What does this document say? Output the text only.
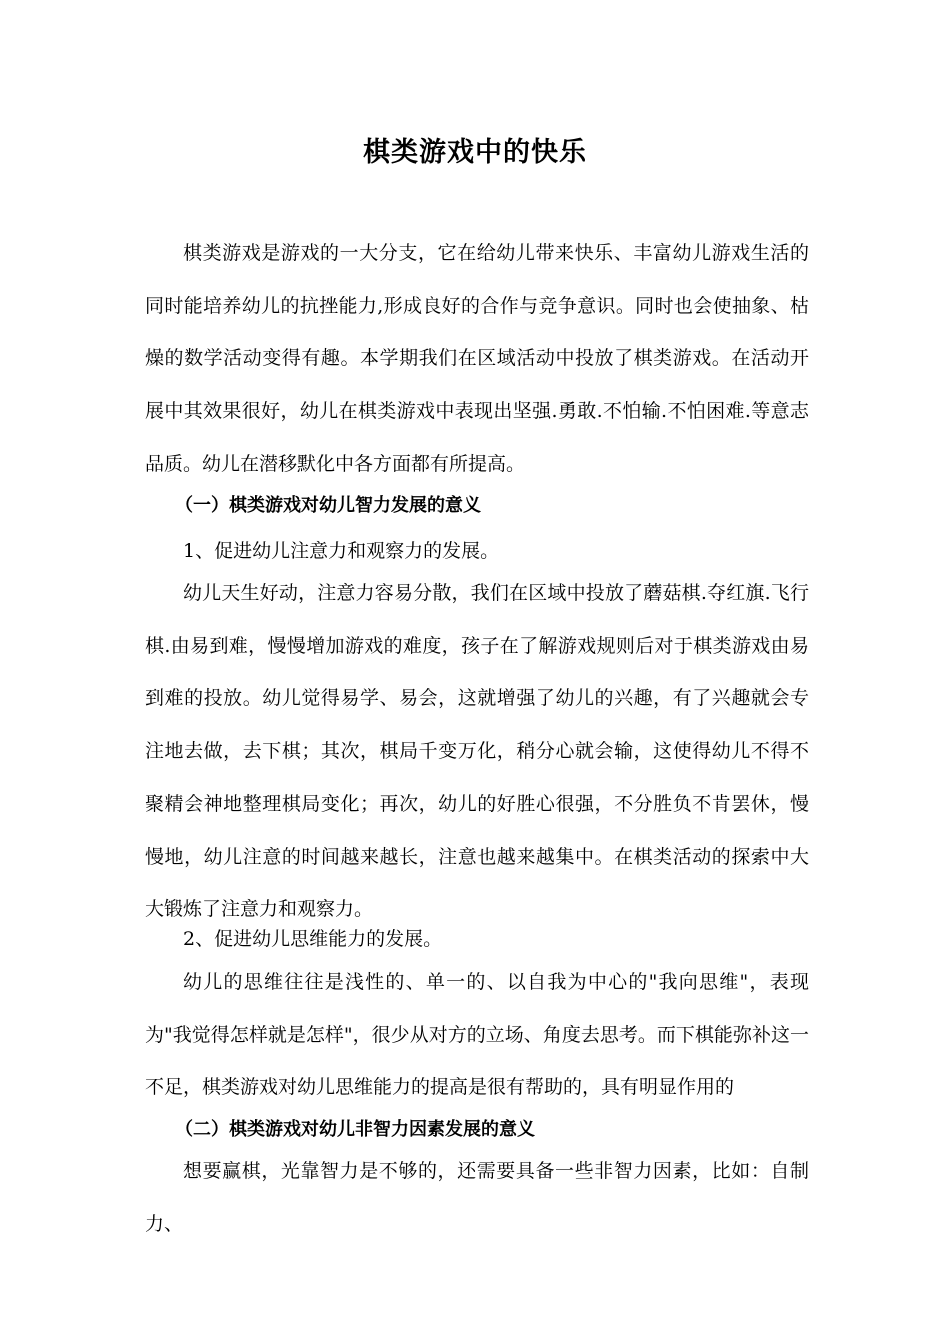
棋类游戏中的快乐

棋类游戏是游戏的一大分支，它在给幼儿带来快乐、丰富幼儿游戏生活的同时能培养幼儿的抗挫能力,形成良好的合作与竞争意识。同时也会使抽象、枯燥的数学活动变得有趣。本学期我们在区域活动中投放了棋类游戏。在活动开展中其效果很好，幼儿在棋类游戏中表现出坚强.勇敢.不怕输.不怕困难.等意志品质。幼儿在潜移默化中各方面都有所提高。

（一）棋类游戏对幼儿智力发展的意义

1、促进幼儿注意力和观察力的发展。

幼儿天生好动，注意力容易分散，我们在区域中投放了蘑菇棋.夺红旗.飞行棋.由易到难，慢慢增加游戏的难度，孩子在了解游戏规则后对于棋类游戏由易到难的投放。幼儿觉得易学、易会，这就增强了幼儿的兴趣，有了兴趣就会专注地去做，去下棋；其次，棋局千变万化，稍分心就会输，这使得幼儿不得不聚精会神地整理棋局变化；再次，幼儿的好胜心很强，不分胜负不肯罢休，慢慢地，幼儿注意的时间越来越长，注意也越来越集中。在棋类活动的探索中大大锻炼了注意力和观察力。

2、促进幼儿思维能力的发展。

幼儿的思维往往是浅性的、单一的、以自我为中心的"我向思维"，表现为"我觉得怎样就是怎样"，很少从对方的立场、角度去思考。而下棋能弥补这一不足，棋类游戏对幼儿思维能力的提高是很有帮助的，具有明显作用的

（二）棋类游戏对幼儿非智力因素发展的意义

想要赢棋，光靠智力是不够的，还需要具备一些非智力因素，比如：自制力、
